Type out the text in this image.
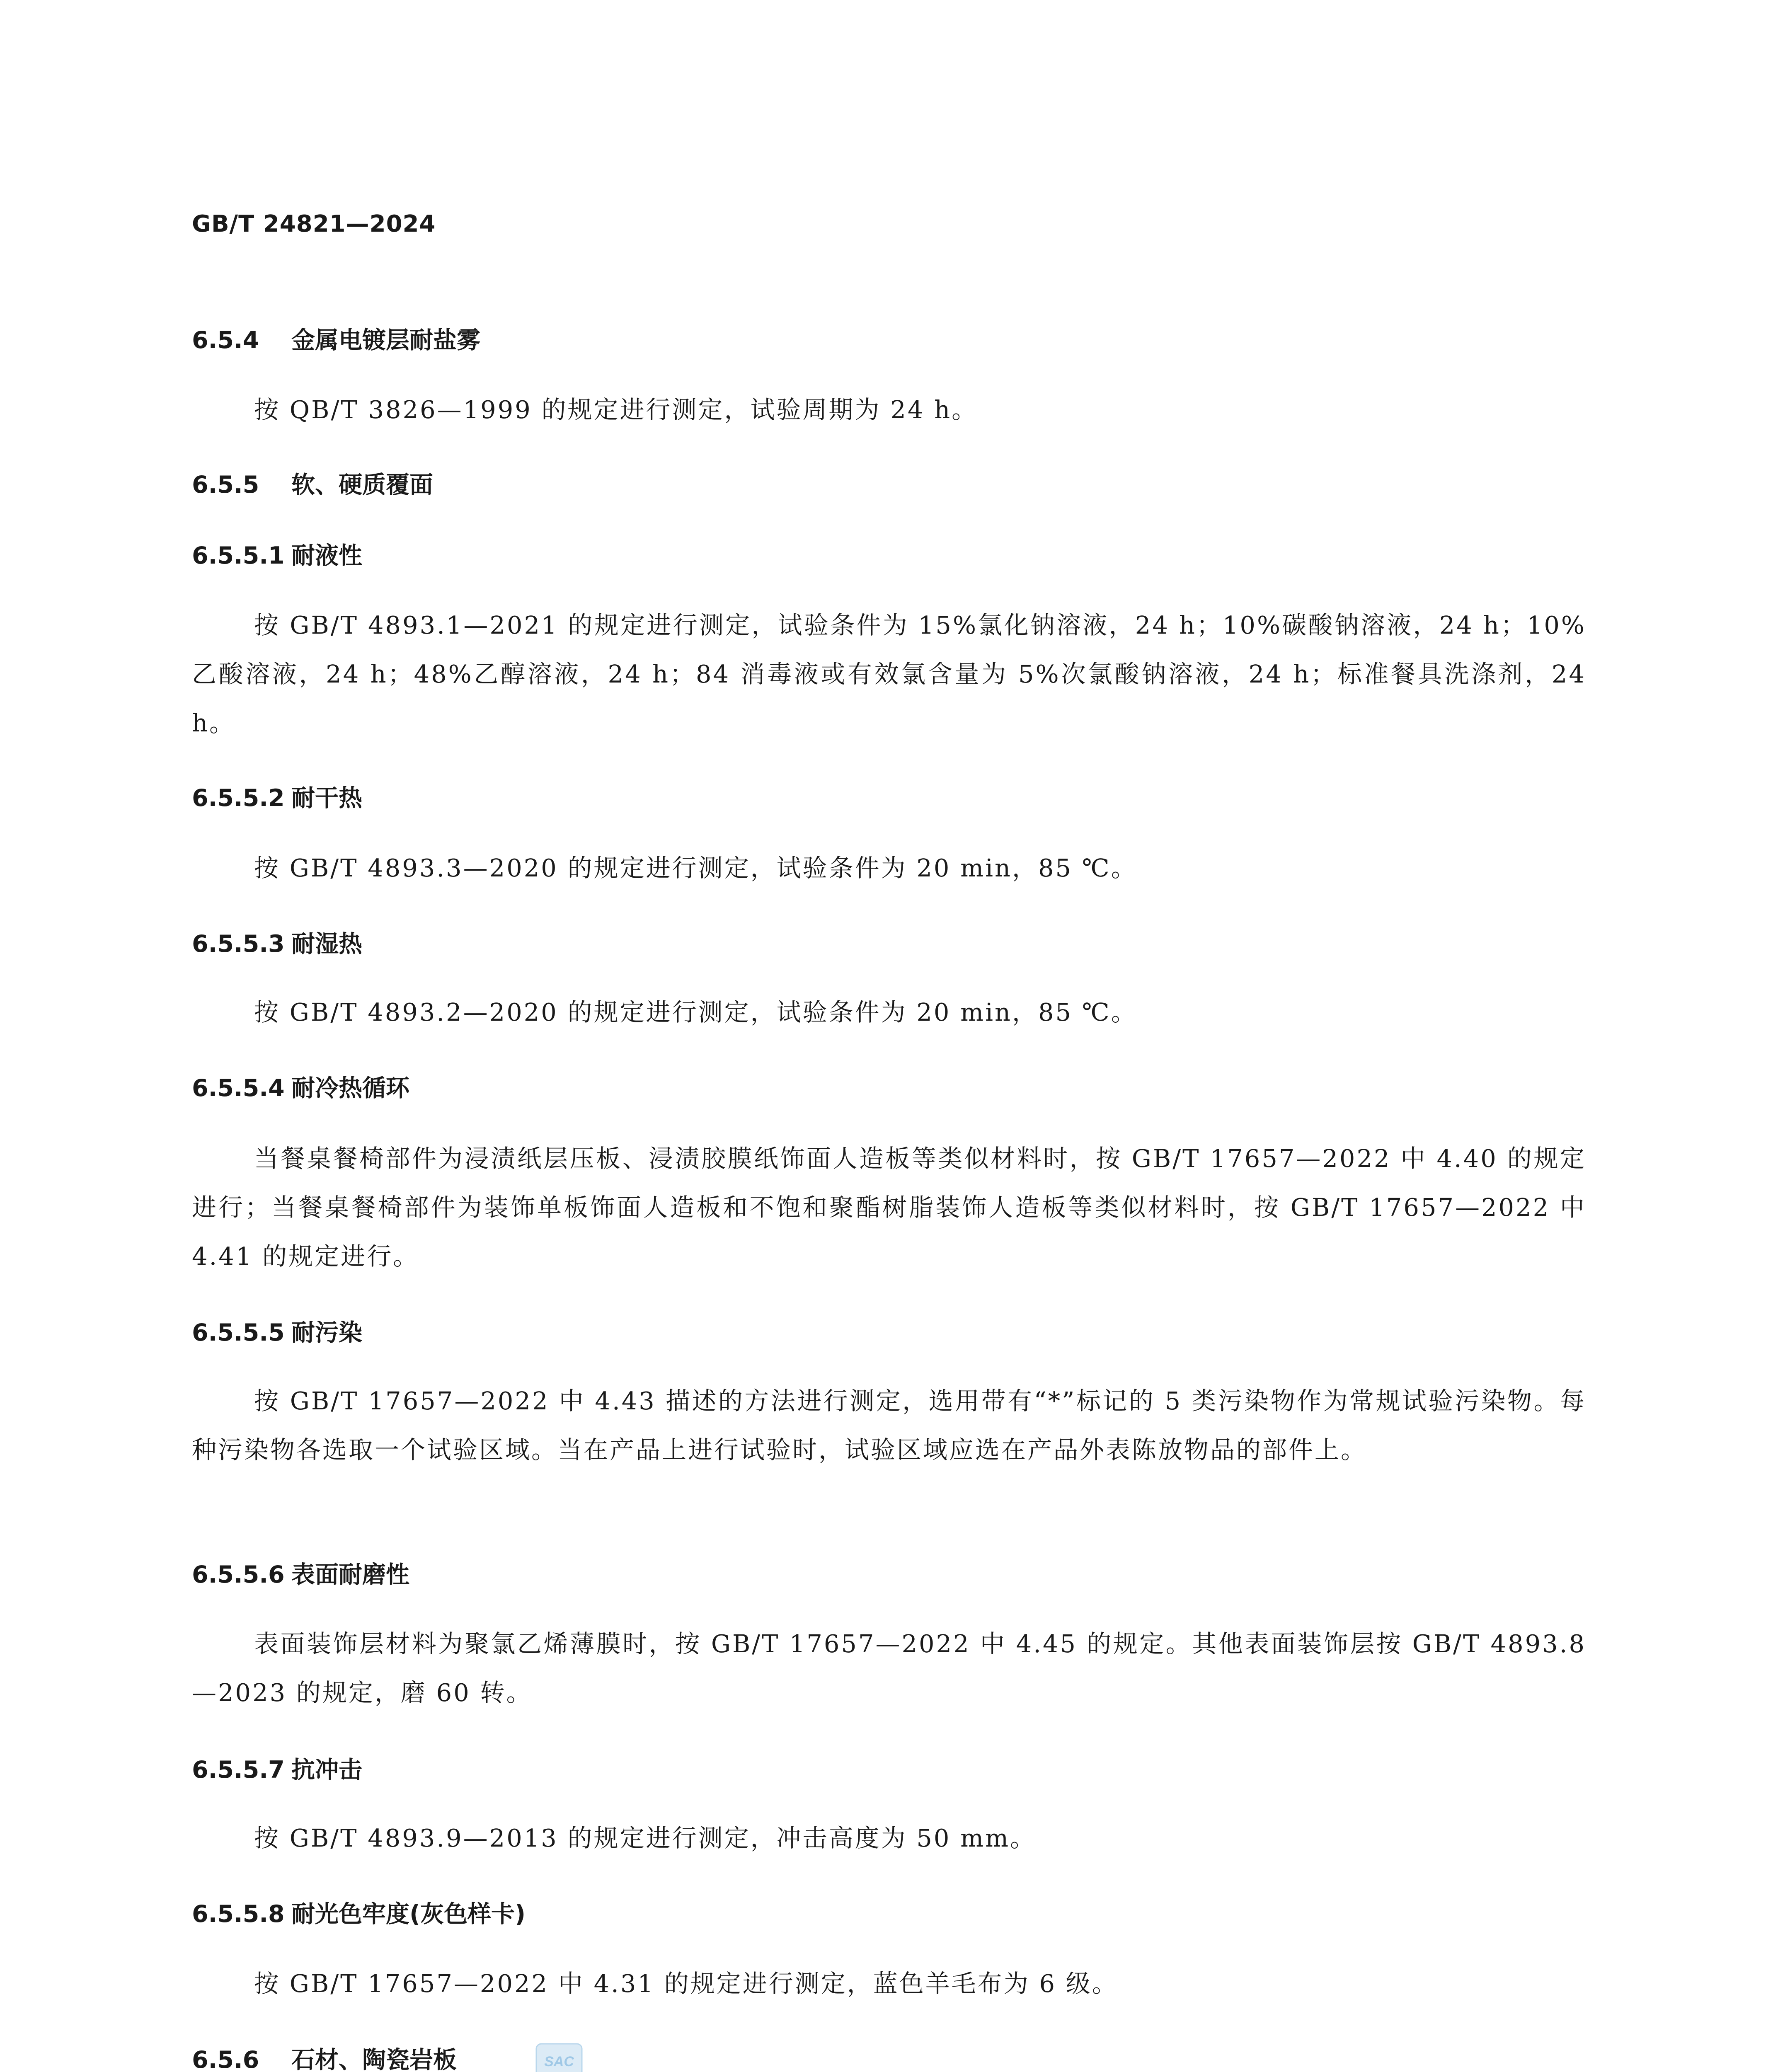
GB/T 24821—2024
6.5.4 金属电镀层耐盐雾
按 QB/T 3826—1999 的规定进行测定，试验周期为 24 h。
6.5.5 软、硬质覆面
6.5.5.1 耐液性
按 GB/T 4893.1—2021 的规定进行测定，试验条件为 15%氯化钠溶液，24 h；10%碳酸钠溶液，24 h；10%乙酸溶液，24 h；48%乙醇溶液，24 h；84 消毒液或有效氯含量为 5%次氯酸钠溶液，24 h；标准餐具洗涤剂，24 h。
6.5.5.2 耐干热
按 GB/T 4893.3—2020 的规定进行测定，试验条件为 20 min，85 ℃。
6.5.5.3 耐湿热
按 GB/T 4893.2—2020 的规定进行测定，试验条件为 20 min，85 ℃。
6.5.5.4 耐冷热循环
当餐桌餐椅部件为浸渍纸层压板、浸渍胶膜纸饰面人造板等类似材料时，按 GB/T 17657—2022 中 4.40 的规定进行；当餐桌餐椅部件为装饰单板饰面人造板和不饱和聚酯树脂装饰人造板等类似材料时，按 GB/T 17657—2022 中 4.41 的规定进行。
6.5.5.5 耐污染
按 GB/T 17657—2022 中 4.43 描述的方法进行测定，选用带有“*”标记的 5 类污染物作为常规试验污染物。每种污染物各选取一个试验区域。当在产品上进行试验时，试验区域应选在产品外表陈放物品的部件上。
6.5.5.6 表面耐磨性
表面装饰层材料为聚氯乙烯薄膜时，按 GB/T 17657—2022 中 4.45 的规定。其他表面装饰层按 GB/T 4893.8—2023 的规定，磨 60 转。
6.5.5.7 抗冲击
按 GB/T 4893.9—2013 的规定进行测定，冲击高度为 50 mm。
6.5.5.8 耐光色牢度(灰色样卡)
按 GB/T 17657—2022 中 4.31 的规定进行测定，蓝色羊毛布为 6 级。
6.5.6 石材、陶瓷岩板	SAC
